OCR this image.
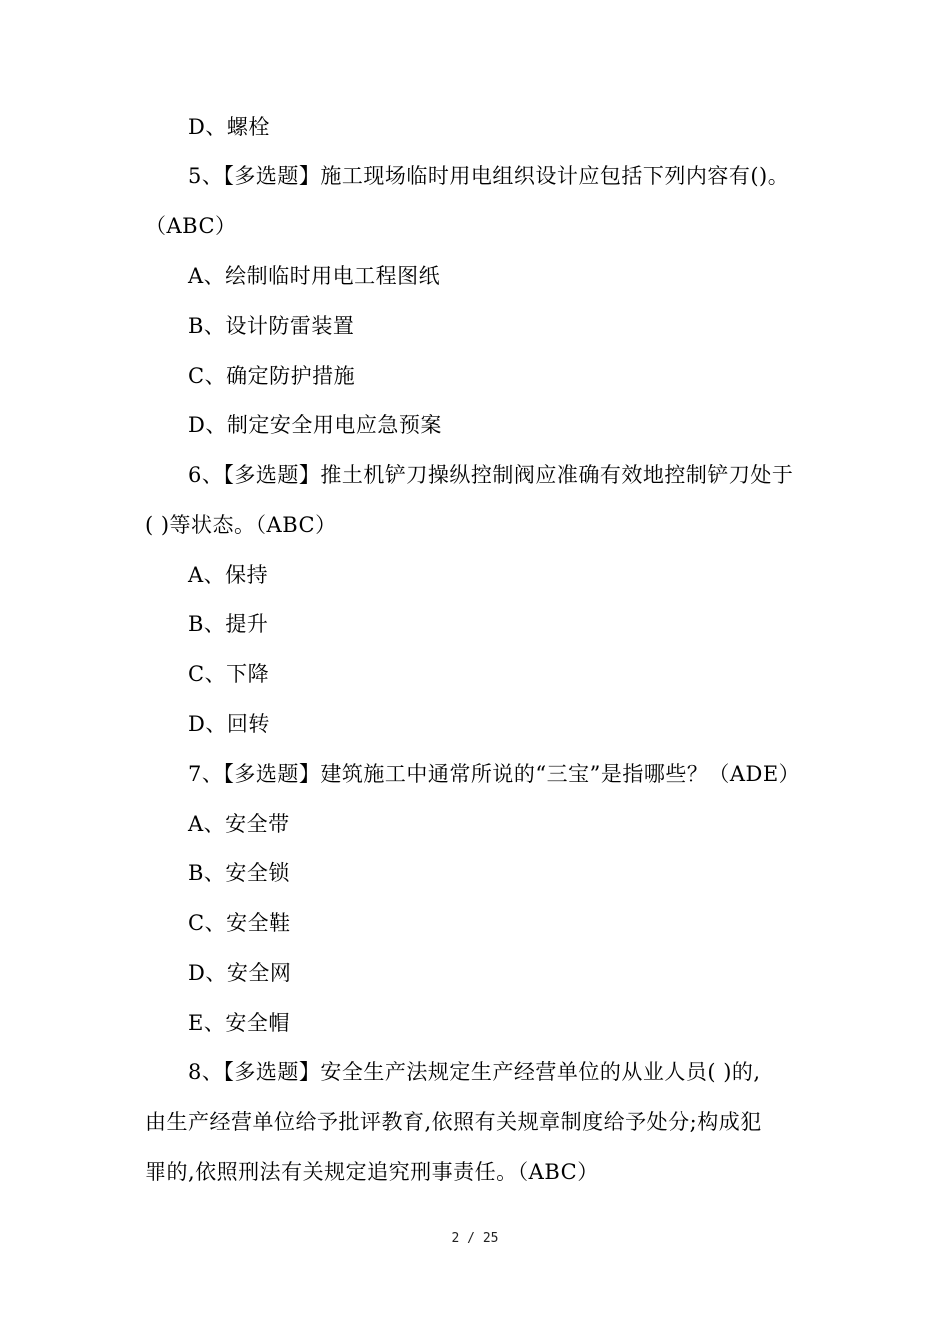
D、螺栓
5、【多选题】施工现场临时用电组织设计应包括下列内容有()。
（ABC）
A、绘制临时用电工程图纸
B、设计防雷装置
C、确定防护措施
D、制定安全用电应急预案
6、【多选题】推土机铲刀操纵控制阀应准确有效地控制铲刀处于
( )等状态。（ABC）
A、保持
B、提升
C、下降
D、回转
7、【多选题】建筑施工中通常所说的“三宝”是指哪些？（ADE）
A、安全带
B、安全锁
C、安全鞋
D、安全网
E、安全帽
8、【多选题】安全生产法规定生产经营单位的从业人员( )的,
由生产经营单位给予批评教育,依照有关规章制度给予处分;构成犯
罪的,依照刑法有关规定追究刑事责任。（ABC）
2 / 25
